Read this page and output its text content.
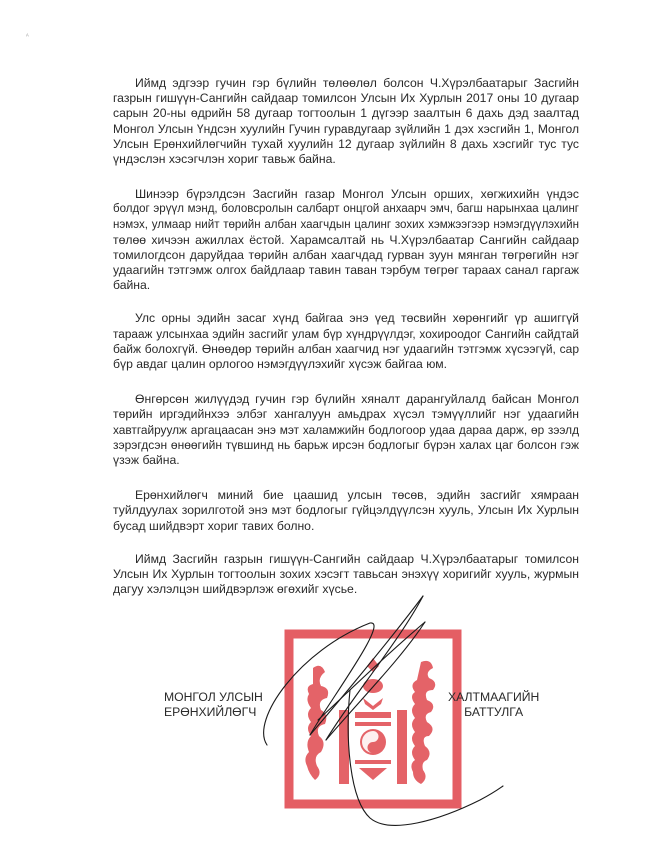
ᴬ
Иймд эдгээр гучин гэр бүлийн төлөөлөл болсон Ч.Хүрэлбаатарыг Засгийн
газрын гишүүн-Сангийн сайдаар томилсон Улсын Их Хурлын 2017 оны 10 дугаар
сарын 20-ны өдрийн 58 дугаар тогтоолын 1 дүгээр заалтын 6 дахь дэд заалтад
Монгол Улсын Үндсэн хуулийн Гучин гуравдугаар зүйлийн 1 дэх хэсгийн 1, Монгол
Улсын Ерөнхийлөгчийн тухай хуулийн 12 дугаар зүйлийн 8 дахь хэсгийг тус тус
үндэслэн хэсэгчлэн хориг тавьж байна.
Шинээр бүрэлдсэн Засгийн газар Монгол Улсын орших, хөгжихийн үндэс
болдог эрүүл мэнд, боловсролын салбарт онцгой анхаарч эмч, багш нарынхаа цалинг
нэмэх, улмаар нийт төрийн албан хаагчдын цалинг зохих хэмжээгээр нэмэгдүүлэхийн
төлөө хичээн ажиллах ёстой. Харамсалтай нь Ч.Хүрэлбаатар Сангийн сайдаар
томилогдсон даруйдаа төрийн албан хаагчдад гурван зуун мянган төгрөгийн нэг
удаагийн тэтгэмж олгох байдлаар тавин таван тэрбум төгрөг тараах санал гаргаж
байна.
Улс орны эдийн засаг хүнд байгаа энэ үед төсвийн хөрөнгийг үр ашиггүй
тарааж улсынхаа эдийн засгийг улам бүр хүндрүүлдэг, хохироодог Сангийн сайдтай
байж болохгүй. Өнөөдөр төрийн албан хаагчид нэг удаагийн тэтгэмж хүсээгүй, сар
бүр авдаг цалин орлогоо нэмэгдүүлэхийг хүсэж байгаа юм.
Өнгөрсөн жилүүдэд гучин гэр бүлийн хяналт дарангуйлалд байсан Монгол
төрийн иргэдийнхээ элбэг хангалуун амьдрах хүсэл тэмүүллийг нэг удаагийн
хавтгайруулж аргацаасан энэ мэт халамжийн бодлогоор удаа дараа дарж, өр зээлд
зэрэгдсэн өнөөгийн түвшинд нь барьж ирсэн бодлогыг бүрэн халах цаг болсон гэж
үзэж байна.
Ерөнхийлөгч миний бие цаашид улсын төсөв, эдийн засгийг хямраан
туйлдуулах зорилготой энэ мэт бодлогыг гүйцэлдүүлсэн хууль, Улсын Их Хурлын
бусад шийдвэрт хориг тавих болно.
Иймд Засгийн газрын гишүүн-Сангийн сайдаар Ч.Хүрэлбаатарыг томилсон
Улсын Их Хурлын тогтоолын зохих хэсэгт тавьсан энэхүү хоригийг хууль, журмын
дагуу хэлэлцэн шийдвэрлэж өгөхийг хүсье.
МОНГОЛ УЛСЫН
ЕРӨНХИЙЛӨГЧ
ХАЛТМААГИЙН
БАТТУЛГА
